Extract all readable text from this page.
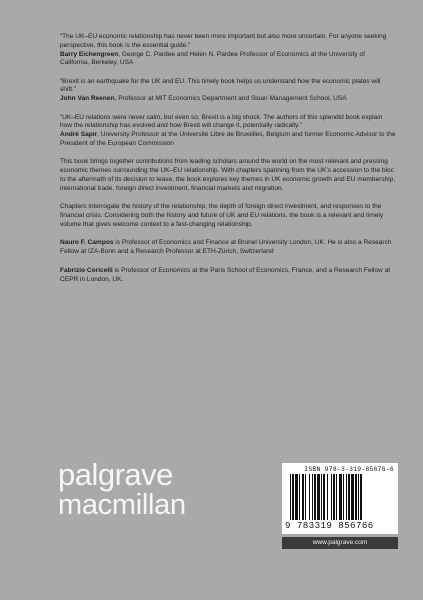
“The UK–EU economic relationship has never been more important but also more uncertain. For anyone seeking perspective, this book is the essential guide.”
Barry Eichengreen, George C. Pardee and Helen N. Pardee Professor of Economics at the University of California, Berkeley, USA

“Brexit is an earthquake for the UK and EU. This timely book helps us understand how the economic plates will shift.”
John Van Reenen, Professor at MIT Economics Department and Sloan Management School, USA

“UK–EU relations were never calm, but even so, Brexit is a big shock. The authors of this splendid book explain how the relationship has evolved and how Brexit will change it, potentially radically.”
André Sapir, University Professor at the Université Libre de Bruxelles, Belgium and former Economic Advisor to the President of the European Commission

This book brings together contributions from leading scholars around the world on the most relevant and pressing economic themes surrounding the UK–EU relationship. With chapters spanning from the UK’s accession to the bloc to the aftermath of its decision to leave, the book explores key themes in UK economic growth and EU membership, international trade, foreign direct investment, financial markets and migration.

Chapters interrogate the history of the relationship, the depth of foreign direct investment, and responses to the financial crisis. Considering both the history and future of UK and EU relations, the book is a relevant and timely volume that gives welcome context to a fast-changing relationship.

Nauro F. Campos is Professor of Economics and Finance at Brunel University London, UK. He is also a Research Fellow at IZA-Bonn and a Research Professor at ETH-Zürich, Switzerland

Fabrizio Coricelli is Professor of Economics at the Paris School of Economics, France, and a Research Fellow at CEPR in London, UK.

palgrave
macmillan
ISBN 978-3-319-85676-6
9 783319 856766
www.palgrave.com
